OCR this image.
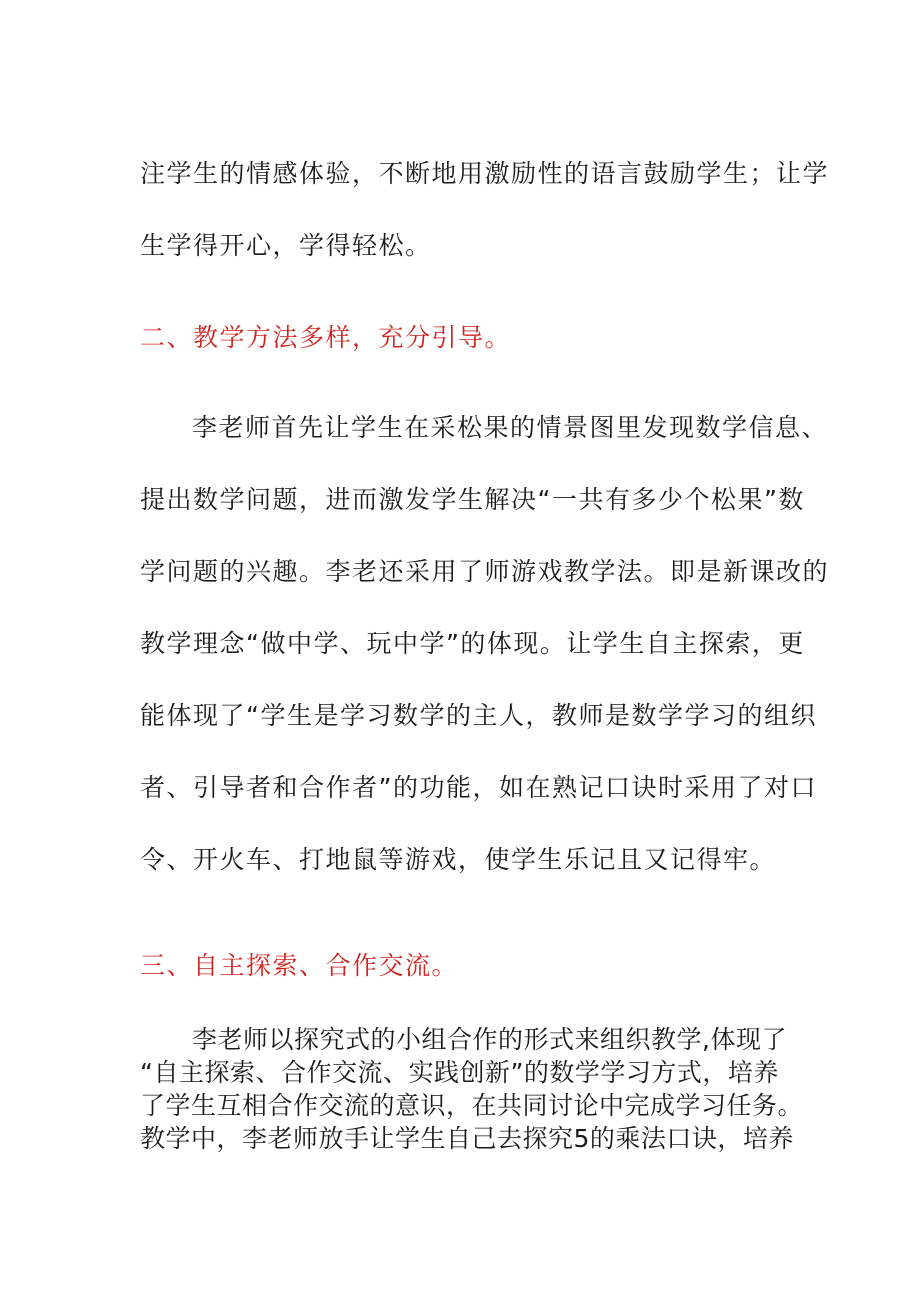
注学生的情感体验，不断地用激励性的语言鼓励学生；让学
生学得开心，学得轻松。
二、教学方法多样，充分引导。
李老师首先让学生在采松果的情景图里发现数学信息、
提出数学问题，进而激发学生解决“一共有多少个松果”数
学问题的兴趣。李老还采用了师游戏教学法。即是新课改的
教学理念“做中学、玩中学”的体现。让学生自主探索，更
能体现了“学生是学习数学的主人，教师是数学学习的组织
者、引导者和合作者”的功能，如在熟记口诀时采用了对口
令、开火车、打地鼠等游戏，使学生乐记且又记得牢。
三、自主探索、合作交流。
李老师以探究式的小组合作的形式来组织教学,体现了
“自主探索、合作交流、实践创新”的数学学习方式，培养
了学生互相合作交流的意识，在共同讨论中完成学习任务。
教学中，李老师放手让学生自己去探究5的乘法口诀，培养
